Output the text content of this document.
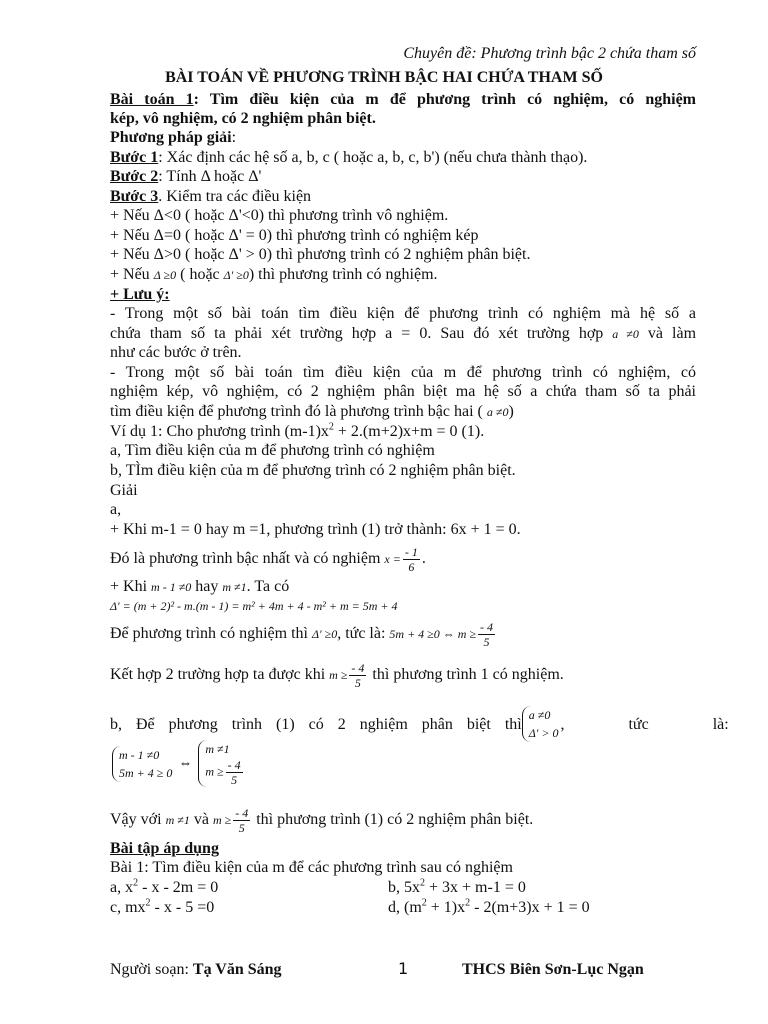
Chuyên đề: Phương trình bậc 2 chứa tham số
BÀI TOÁN VỀ PHƯƠNG TRÌNH BẬC HAI CHỨA THAM SỐ
Bài toán 1: Tìm điều kiện của m để phương trình có nghiệm, có nghiệm
kép, vô nghiệm, có 2 nghiệm phân biệt.
Phương pháp giải:
Bước 1: Xác định các hệ số a, b, c ( hoặc a, b, c, b') (nếu chưa thành thạo).
Bước 2: Tính Δ hoặc Δ'
Bước 3. Kiểm tra các điều kiện
+ Nếu Δ<0 ( hoặc Δ'<0) thì phương trình vô nghiệm.
+ Nếu Δ=0 ( hoặc Δ' = 0) thì phương trình có nghiệm kép
+ Nếu Δ>0 ( hoặc Δ' > 0) thì phương trình có 2 nghiệm phân biệt.
+ Nếu Δ ≥0 ( hoặc Δ' ≥0) thì phương trình có nghiệm.
+ Lưu ý:
- Trong một số bài toán tìm điều kiện để phương trình có nghiệm mà hệ số a
chứa tham số ta phải xét trường hợp a = 0. Sau đó xét trường hợp a ≠0 và làm
như các bước ở trên.
- Trong một số bài toán tìm điều kiện của m để phương trình có nghiệm, có
nghiệm kép, vô nghiệm, có 2 nghiệm phân biệt ma hệ số a chứa tham số ta phải
tìm điều kiện để phương trình đó là phương trình bậc hai ( a ≠0)
Ví dụ 1: Cho phương trình $(m-1)x^2 + 2.(m+2)x+m = 0$ (1).
a, Tìm điều kiện của m để phương trình có nghiệm
b, TÌm điều kiện của m để phương trình có 2 nghiệm phân biệt.
Giải
a,
+ Khi m-1 = 0 hay m =1, phương trình (1) trở thành: 6x + 1 = 0.
Đó là phương trình bậc nhất và có nghiệm $x = \frac{- 1}{6}$ .
+ Khi m - 1 ≠0 hay m ≠1. Ta có
Δ' = (m + 2)² - m.(m - 1) = m² + 4m + 4 - m² + m = 5m + 4
Để phương trình có nghiệm thì Δ' ≥0, tức là: 5m + 4 ≥0 ⇔ $m \ge \frac{- 4}{5}$
Kết hợp 2 trường hợp ta được khi $m \ge \frac{- 4}{5}$ thì phương trình 1 có nghiệm.
b, Để phương trình (1) có 2 nghiệm phân biệt thì
a ≠0
Δ' > 0
, tức là:
m - 1 ≠0
5m + 4 ≥ 0
⇔
m ≠1
$m \ge \frac{- 4}{5}$
Vậy với m ≠1 và $m \ge \frac{- 4}{5}$ thì phương trình (1) có 2 nghiệm phân biệt.
Bài tập áp dụng
Bài 1: Tìm điều kiện của m để các phương trình sau có nghiệm
a, $x^2 - x - 2m = 0$	b, $5x^2 + 3x + m-1 = 0$
c, $mx^2 - x - 5 =0$	d, $(m^2 + 1)x^2 - 2(m+3)x + 1 = 0$
Người soạn: Tạ Văn Sáng	1	THCS Biên Sơn-Lục Ngạn
